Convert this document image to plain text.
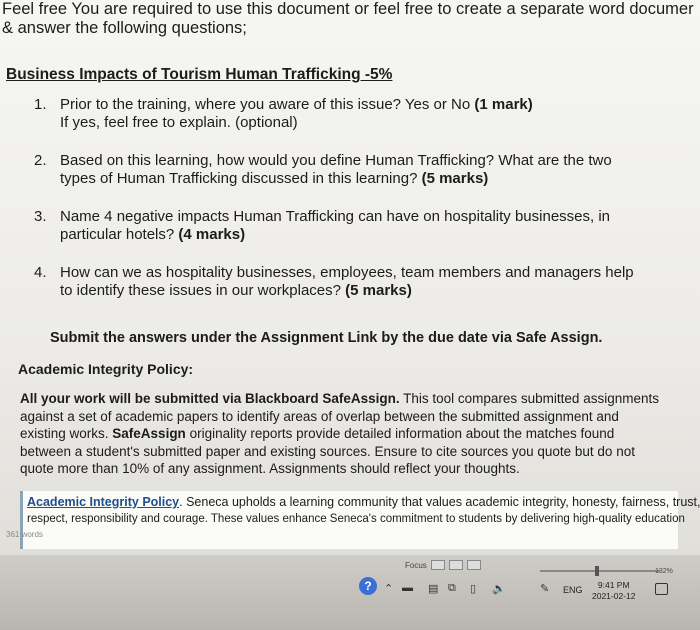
Feel free You are required to use this document or feel free to create a separate word documer
& answer the following questions;
Business Impacts of Tourism Human Trafficking -5%
1. Prior to the training, where you aware of this issue? Yes or No (1 mark)
If yes, feel free to explain. (optional)
2. Based on this learning, how would you define Human Trafficking? What are the two
types of Human Trafficking discussed in this learning? (5 marks)
3. Name 4 negative impacts Human Trafficking can have on hospitality businesses, in
particular hotels? (4 marks)
4. How can we as hospitality businesses, employees, team members and managers help
to identify these issues in our workplaces? (5 marks)
Submit the answers under the Assignment Link by the due date via Safe Assign.
Academic Integrity Policy:
All your work will be submitted via Blackboard SafeAssign. This tool compares submitted assignments
against a set of academic papers to identify areas of overlap between the submitted assignment and
existing works. SafeAssign originality reports provide detailed information about the matches found
between a student's submitted paper and existing sources. Ensure to cite sources you quote but do not
quote more than 10% of any assignment. Assignments should reflect your thoughts.
Academic Integrity Policy. Seneca upholds a learning community that values academic integrity, honesty, fairness, trust,
respect, responsibility and courage. These values enhance Seneca's commitment to students by delivering high-quality education
361 words
Focus
132%
?	⌃ ▬ ▤ ⧉ ▯ 🔈	✎ ENG	9:41 PM
2021-02-12
